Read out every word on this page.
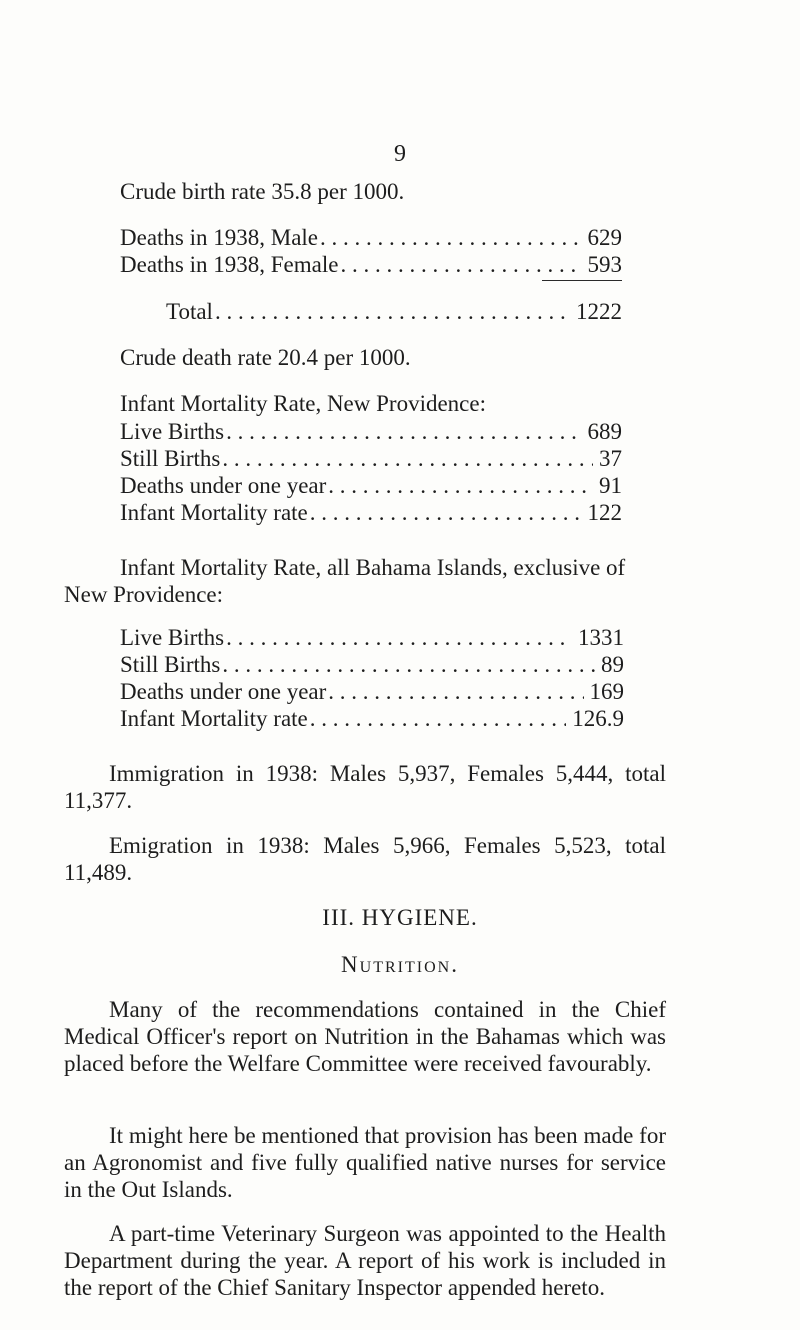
9
Crude birth rate 35.8 per 1000.
Deaths in 1938, Male . . .	629
Deaths in 1938, Female . . .	593
Total . . .	1222
Crude death rate 20.4 per 1000.
Infant Mortality Rate, New Providence:
Live Births . . .	689
Still Births . . .	37
Deaths under one year . . .	91
Infant Mortality rate . . .	122
Infant Mortality Rate, all Bahama Islands, exclusive of
New Providence:
Live Births . . .	1331
Still Births . . .	89
Deaths under one year . . .	169
Infant Mortality rate . . .	126.9

Immigration in 1938: Males 5,937, Females 5,444, total 11,377.

Emigration in 1938: Males 5,966, Females 5,523, total 11,489.

III. HYGIENE.
Nutrition.

Many of the recommendations contained in the Chief Medical Officer's report on Nutrition in the Bahamas which was placed before the Welfare Committee were received favourably.

It might here be mentioned that provision has been made for an Agronomist and five fully qualified native nurses for service in the Out Islands.

A part-time Veterinary Surgeon was appointed to the Health Department during the year. A report of his work is included in the report of the Chief Sanitary Inspector appended hereto.
